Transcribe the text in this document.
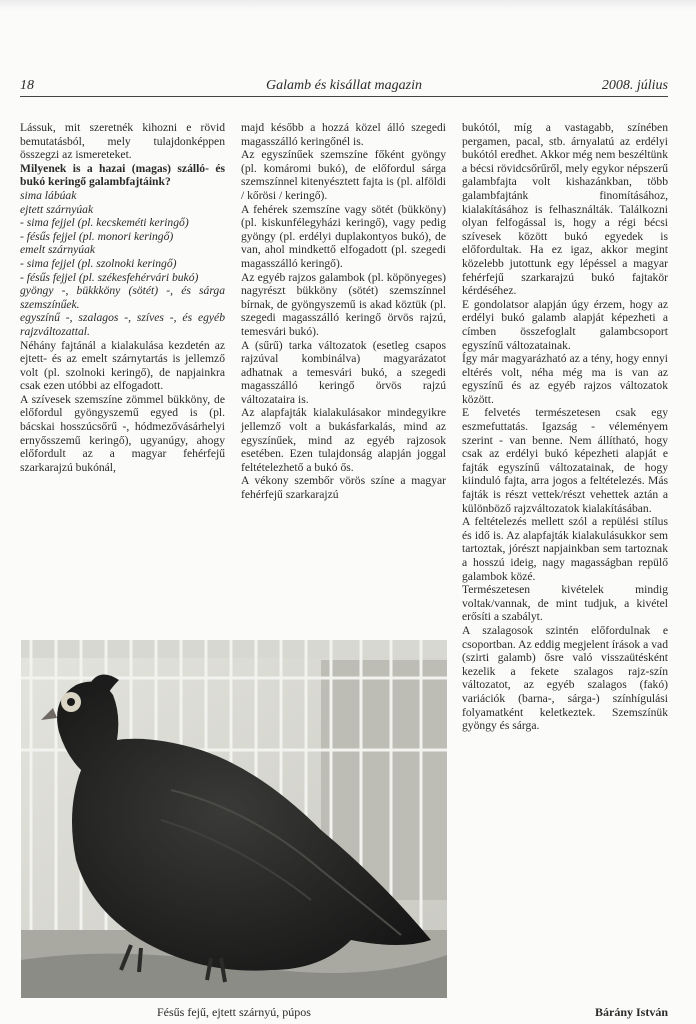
18	Galamb és kisállat magazin	2008. július

Lássuk, mit szeretnék kihozni e rövid bemutatásból, mely tulajdonképpen összegzi az ismereteket.

Milyenek is a hazai (magas) szálló- és bukó keringő galambfajtáink?

sima lábúak

ejtett szárnyúak

- sima fejjel (pl. kecskeméti keringő)

- fésűs fejjel (pl. monori keringő)

emelt szárnyúak

- sima fejjel (pl. szolnoki keringő)

- fésűs fejjel (pl. székesfehérvári bukó)

gyöngy -, bükkköny (sötét) -, és sárga szemszínűek.

egyszínű -, szalagos -, szíves -, és egyéb rajzváltozattal.

Néhány fajtánál a kialakulása kezdetén az ejtett- és az emelt szárnytartás is jellemző volt (pl. szolnoki keringő), de napjainkra csak ezen utóbbi az elfogadott.

A szívesek szemszíne zömmel bükköny, de előfordul gyöngyszemű egyed is (pl. bácskai hosszúcsőrű -, hódmezővásárhelyi ernyősszemű keringő), ugyanúgy, ahogy előfordult az a magyar fehérfejű szarkarajzú bukónál,

majd később a hozzá közel álló szegedi magasszálló keringőnél is.

Az egyszínűek szemszíne főként gyöngy (pl. komáromi bukó), de előfordul sárga szemszínnel kitenyésztett fajta is (pl. alföldi / kőrösi / keringő).

A fehérek szemszíne vagy sötét (bükköny) (pl. kiskunfélegyházi keringő), vagy pedig gyöngy (pl. erdélyi duplakontyos bukó), de van, ahol mindkettő elfogadott (pl. szegedi magasszálló keringő).

Az egyéb rajzos galambok (pl. köpönyeges) nagyrészt bükköny (sötét) szemszínnel bírnak, de gyöngyszemű is akad köztük (pl. szegedi magasszálló keringő örvös rajzú, temesvári bukó).

A (sűrű) tarka változatok (esetleg csapos rajzúval kombinálva) magyarázatot adhatnak a temesvári bukó, a szegedi magasszálló keringő örvös rajzú változataira is.

Az alapfajták kialakulásakor mindegyikre jellemző volt a bukásfarkalás, mind az egyszínűek, mind az egyéb rajzosok esetében. Ezen tulajdonság alapján joggal feltételezhető a bukó ős.

A vékony szembőr vörös színe a magyar fehérfejű szarkarajzú

bukótól, míg a vastagabb, színében pergamen, pacal, stb. árnyalatú az erdélyi bukótól eredhet. Akkor még nem beszéltünk a bécsi rövidcsőrűről, mely egykor népszerű galambfajta volt kishazánkban, több galambfajtánk finomításához, kialakításához is felhasználták. Találkozni olyan felfogással is, hogy a régi bécsi szívesek között bukó egyedek is előfordultak. Ha ez igaz, akkor megint közelebb jutottunk egy lépéssel a magyar fehérfejű szarkarajzú bukó fajtakör kérdéséhez.

E gondolatsor alapján úgy érzem, hogy az erdélyi bukó galamb alapját képezheti a címben összefoglalt galambcsoport egyszínű változatainak.

Így már magyarázható az a tény, hogy ennyi eltérés volt, néha még ma is van az egyszínű és az egyéb rajzos változatok között.

E felvetés természetesen csak egy eszmefuttatás. Igazság - véleményem szerint - van benne. Nem állítható, hogy csak az erdélyi bukó képezheti alapját e fajták egyszínű változatainak, de hogy kiinduló fajta, arra jogos a feltételezés. Más fajták is részt vettek/részt vehettek aztán a különböző rajzváltozatok kialakításában.

A feltételezés mellett szól a repülési stílus és idő is. Az alapfajták kialakulásukkor sem tartoztak, jórészt napjainkban sem tartoznak a hosszú ideig, nagy magasságban repülő galambok közé.

Természetesen kivételek mindig voltak/vannak, de mint tudjuk, a kivétel erősíti a szabályt.

A szalagosok szintén előfordulnak e csoportban. Az eddig megjelent írások a vad (szirti galamb) ősre való visszaütésként kezelik a fekete szalagos rajz-szín változatot, az egyéb szalagos (fakó) variációk (barna-, sárga-) színhígulási folyamatként keletkeztek. Szemszínük gyöngy és sárga.

Fésűs fejű, ejtett szárnyú, púpos	Bárány István
